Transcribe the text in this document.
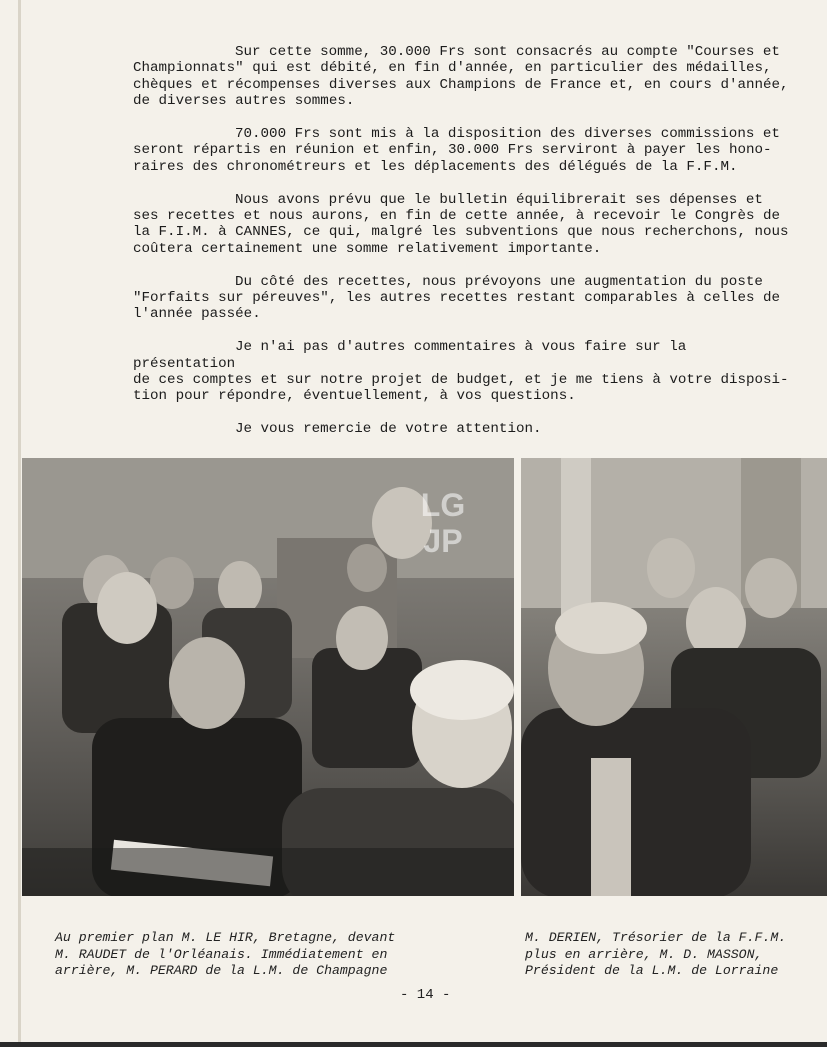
Sur cette somme, 30.000 Frs sont consacrés au compte "Courses et
Championnats" qui est débité, en fin d'année, en particulier des médailles,
chèques et récompenses diverses aux Champions de France et, en cours d'année,
de diverses autres sommes.

70.000 Frs sont mis à la disposition des diverses commissions et
seront répartis en réunion et enfin, 30.000 Frs serviront à payer les hono-
raires des chronométreurs et les déplacements des délégués de la F.F.M.

Nous avons prévu que le bulletin équilibrerait ses dépenses et
ses recettes et nous aurons, en fin de cette année, à recevoir le Congrès de
la F.I.M. à CANNES, ce qui, malgré les subventions que nous recherchons, nous
coûtera certainement une somme relativement importante.

Du côté des recettes, nous prévoyons une augmentation du poste
"Forfaits sur pérеuves", les autres recettes restant comparables à celles de
l'année passée.

Je n'ai pas d'autres commentaires à vous faire sur la présentation
de ces comptes et sur notre projet de budget, et je me tiens à votre disposi-
tion pour répondre, éventuellement, à vos questions.

Je vous remercie de votre attention.

LG
JP
Au premier plan M. LE HIR, Bretagne, devant
M. RAUDET de l'Orléanais. Immédiatement en
arrière, M. PERARD de la L.M. de Champagne
M. DERIEN, Trésorier de la F.F.M.
plus en arrière, M. D. MASSON,
Président de la L.M. de Lorraine
- 14 -
